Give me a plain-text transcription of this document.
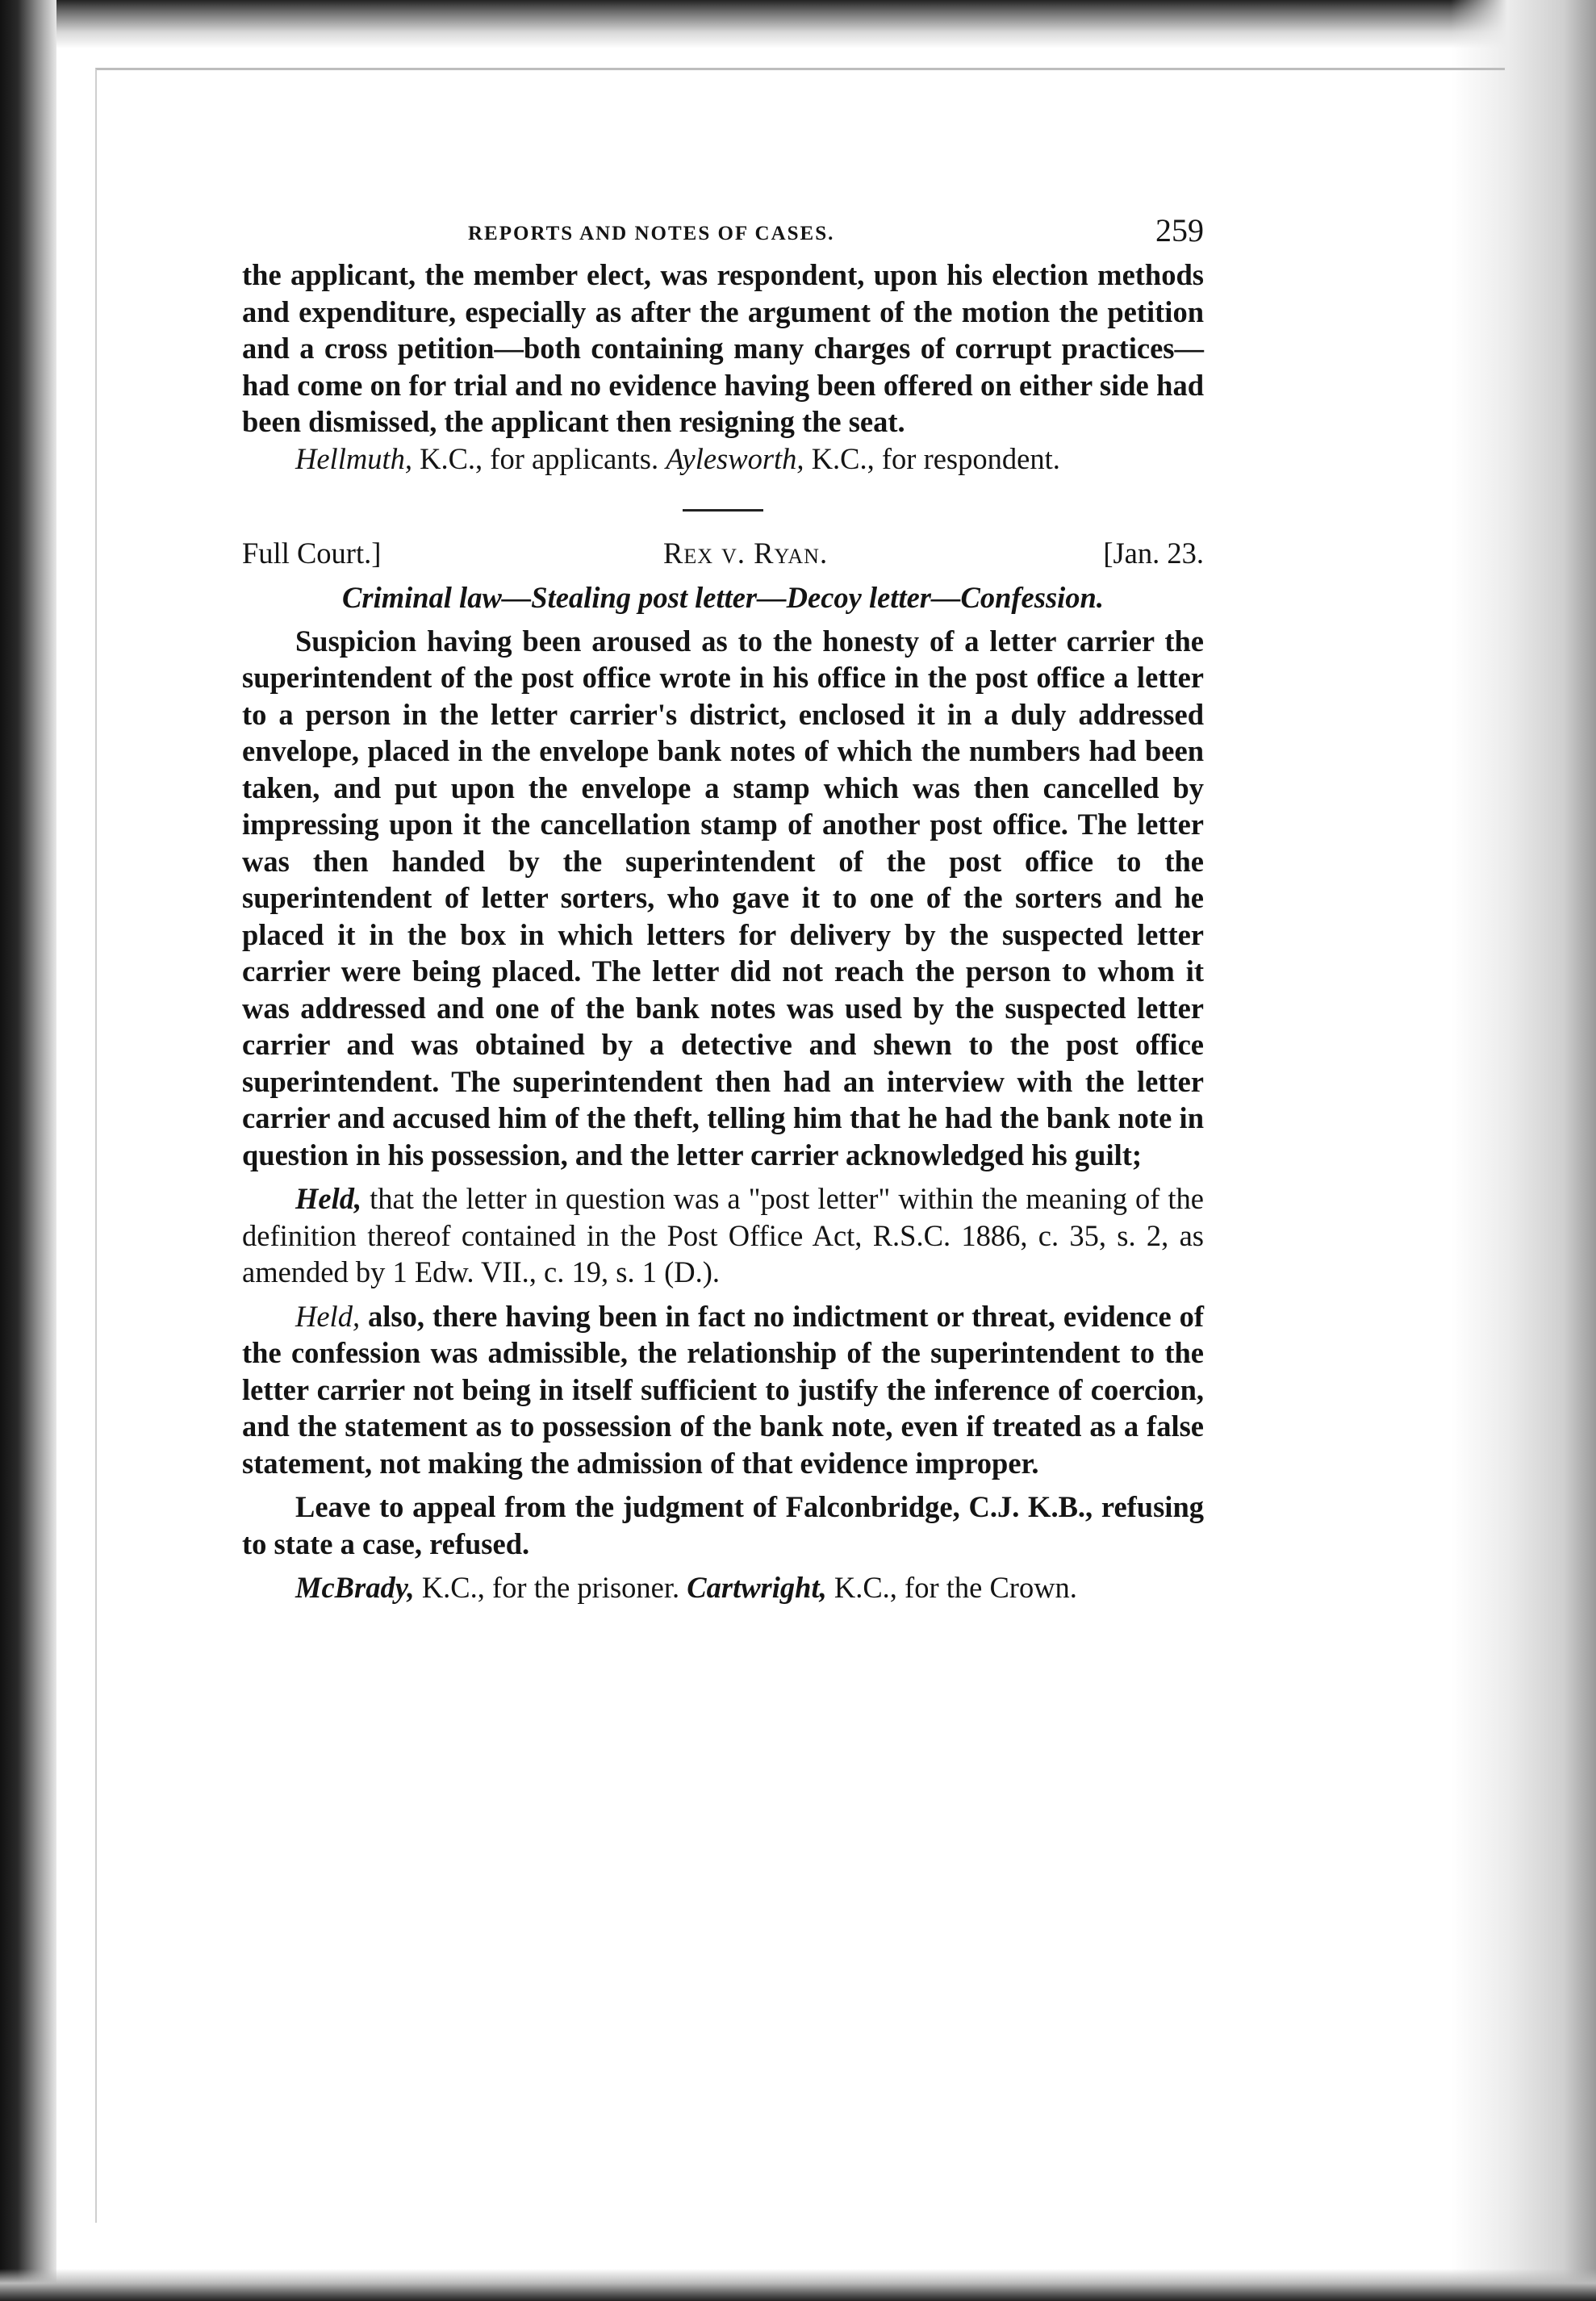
REPORTS AND NOTES OF CASES.	259

the applicant, the member elect, was respondent, upon his election methods and expenditure, especially as after the argument of the motion the petition and a cross petition—both containing many charges of corrupt practices—had come on for trial and no evidence having been offered on either side had been dismissed, the applicant then resigning the seat.

Hellmuth, K.C., for applicants. Aylesworth, K.C., for respondent.

Full Court.]	Rex v. Ryan.	[Jan. 23.

Criminal law—Stealing post letter—Decoy letter—Confession.

Suspicion having been aroused as to the honesty of a letter carrier the superintendent of the post office wrote in his office in the post office a letter to a person in the letter carrier's district, enclosed it in a duly addressed envelope, placed in the envelope bank notes of which the numbers had been taken, and put upon the envelope a stamp which was then cancelled by impressing upon it the cancellation stamp of another post office. The letter was then handed by the superintendent of the post office to the superintendent of letter sorters, who gave it to one of the sorters and he placed it in the box in which letters for delivery by the suspected letter carrier were being placed. The letter did not reach the person to whom it was addressed and one of the bank notes was used by the suspected letter carrier and was obtained by a detective and shewn to the post office superintendent. The superintendent then had an interview with the letter carrier and accused him of the theft, telling him that he had the bank note in question in his possession, and the letter carrier acknowledged his guilt;

Held, that the letter in question was a "post letter" within the meaning of the definition thereof contained in the Post Office Act, R.S.C. 1886, c. 35, s. 2, as amended by 1 Edw. VII., c. 19, s. 1 (D.).

Held, also, there having been in fact no indictment or threat, evidence of the confession was admissible, the relationship of the superintendent to the letter carrier not being in itself sufficient to justify the inference of coercion, and the statement as to possession of the bank note, even if treated as a false statement, not making the admission of that evidence improper.

Leave to appeal from the judgment of Falconbridge, C.J. K.B., refusing to state a case, refused.

McBrady, K.C., for the prisoner. Cartwright, K.C., for the Crown.
